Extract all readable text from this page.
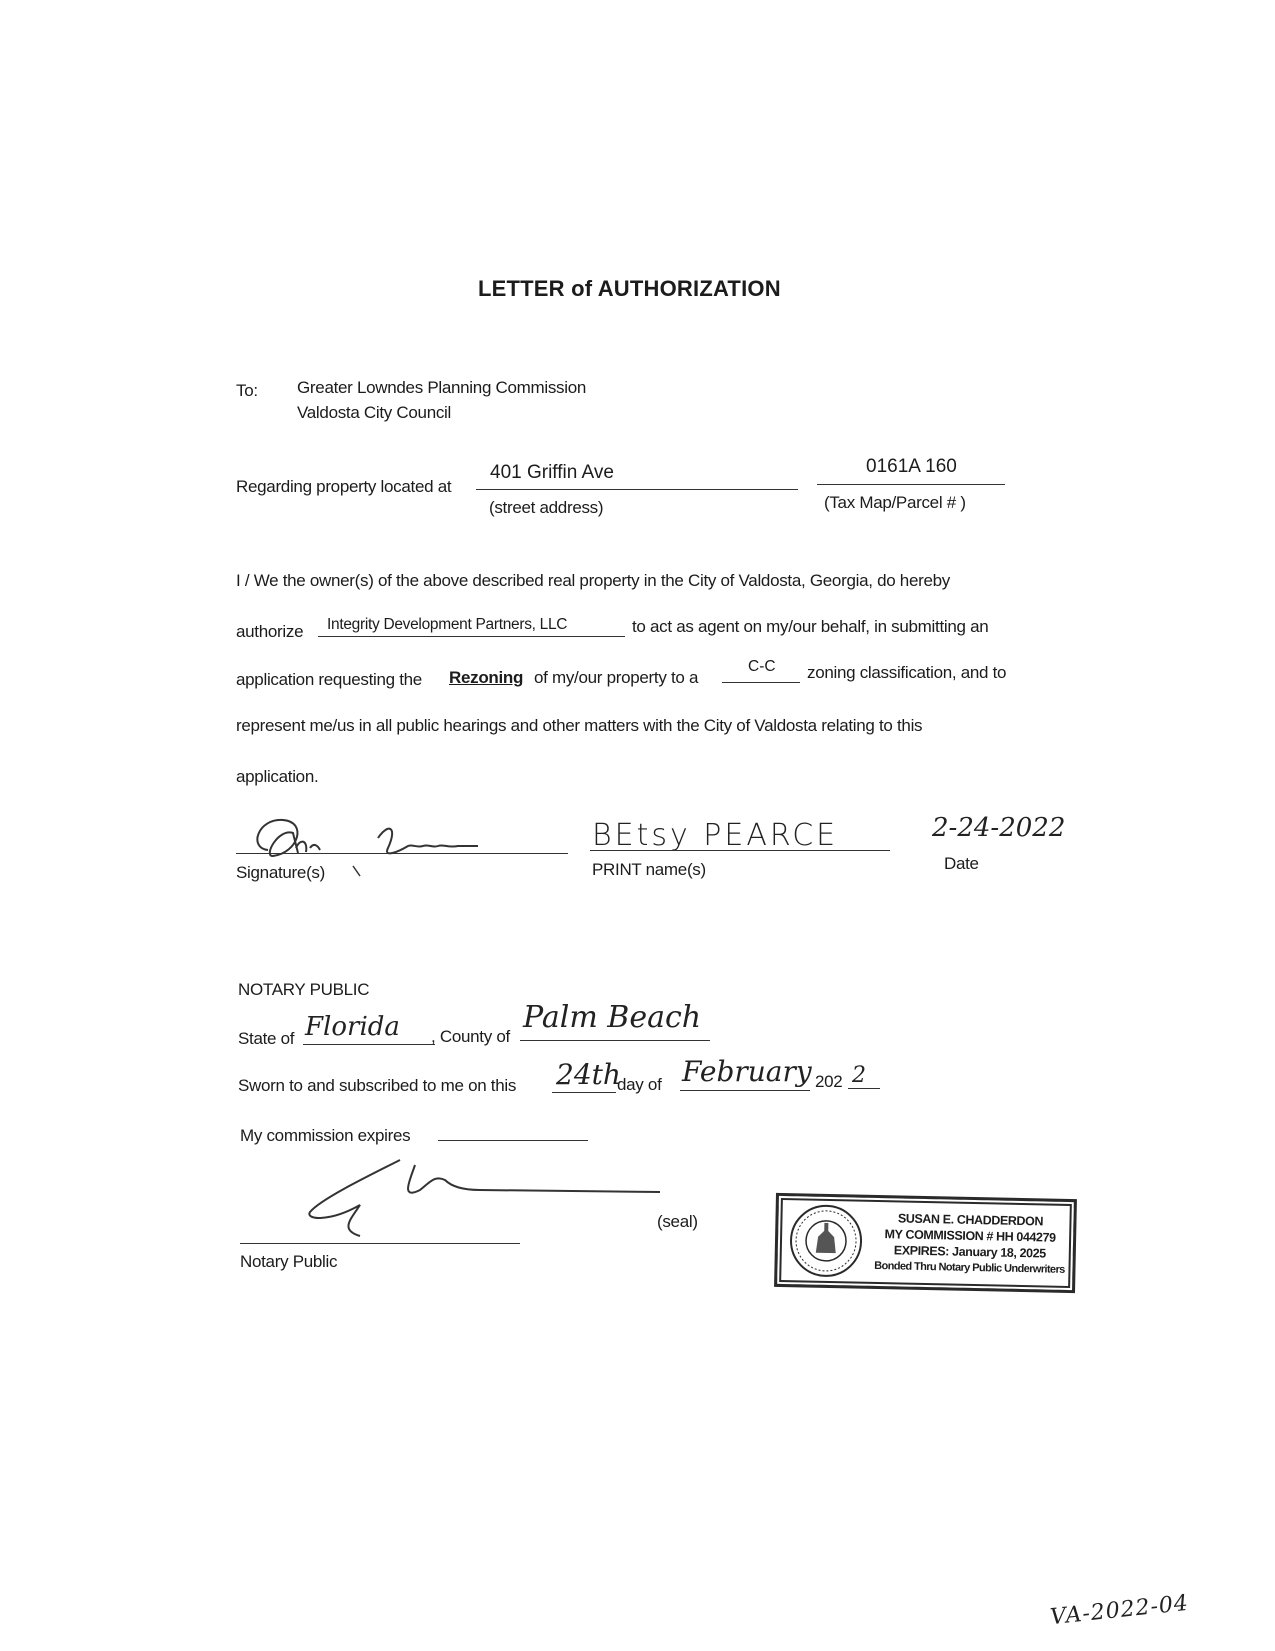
LETTER of AUTHORIZATION
To: Greater Lowndes Planning Commission
Valdosta City Council
Regarding property located at
401 Griffin Ave
(street address)
0161A 160
(Tax Map/Parcel # )
I / We the owner(s) of the above described real property in the City of Valdosta, Georgia, do hereby
authorize Integrity Development Partners, LLC	to act as agent on my/our behalf, in submitting an
application requesting the Rezoning of my/our property to a
C-C zoning classification, and to
represent me/us in all public hearings and other matters with the City of Valdosta relating to this
application.
Signature(s)
BEtsy PEARCE
PRINT name(s)
2-24-2022
Date
NOTARY PUBLIC
State of Florida , County of
Palm Beach
Sworn to and subscribed to me on this 24th
day of February 202 2
My commission expires
(seal)
Notary Public
SUSAN E. CHADDERDON
MY COMMISSION # HH 044279
EXPIRES: January 18, 2025
Bonded Thru Notary Public Underwriters
VA-2022-04
